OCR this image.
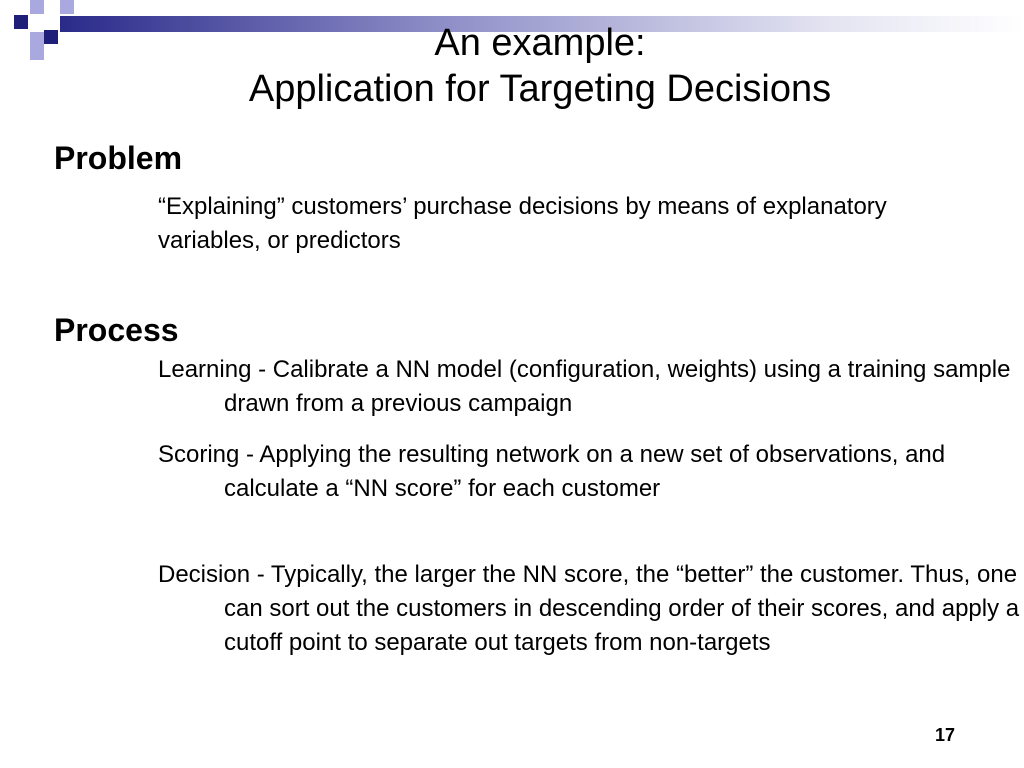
An example:
Application for Targeting Decisions
Problem

“Explaining” customers’ purchase decisions by means of explanatory variables, or predictors

Process

Learning - Calibrate a NN model (configuration, weights) using a training sample drawn from a previous campaign

Scoring - Applying the resulting network on a new set of observations, and calculate a “NN score” for each customer

Decision - Typically, the larger the NN score, the “better” the customer. Thus, one can sort out the customers in descending order of their scores, and apply a cutoff point to separate out targets from non-targets

17
